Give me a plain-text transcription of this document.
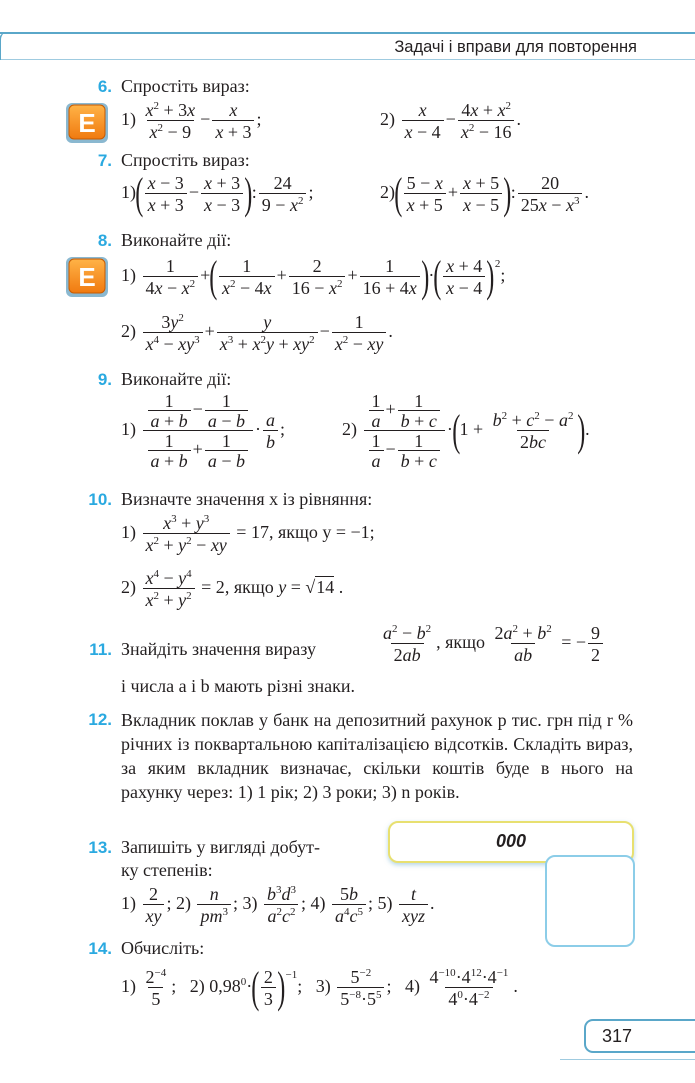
Задачі і вправи для повторення
6. Спростіть вираз:
Е $1) \frac{x^2 + 3x}{x^2 - 9} - \frac{x}{x + 3}$ ;	$2) \frac{x}{x - 4} - \frac{4x + x^2}{x^2 - 16}$ .
7. Спростіть вираз:
$1)( \frac{x - 3}{x + 3} - \frac{x + 3}{x - 3}$ ): $\frac{24}{9 - x^2}$ ;	$2)( \frac{5 - x}{x + 5} + \frac{x + 5}{x - 5}$ ): $\frac{20}{25x - x^3}$ .
8. Виконайте дії:
Е $1) \frac{1}{4x - x^2}$ +( $\frac{1}{x^2 - 4x} + \frac{2}{16 - x^2} + \frac{1}{16 + 4x}$ )·( $\frac{x + 4}{x - 4} )^2$;
$2) \frac{3y^2}{x^4 - xy^3} + \frac{y}{x^3 + x^2y + xy^2} - \frac{1}{x^2 - xy}$ .
9. Виконайте дії:
$1) \frac{\frac{1}{a + b} - \frac{1}{a - b}}{\frac{1}{a + b} + \frac{1}{a - b}} \cdot \frac{a}{b}$ ;	$2) \frac{\frac{1}{a} + \frac{1}{b + c}}{\frac{1}{a} - \frac{1}{b + c}} \cdot(1 + \frac{b^2 + c^2 - a^2}{2bc}$ ).
10. Визначте значення x із рівняння:
$1) \frac{x^3 + y^3}{x^2 + y^2 - xy} = 17$, якщо y = −1;
$2) \frac{x^4 - y^4}{x^2 + y^2} = 2$, якщо y = √14 .
11. Знайдіть значення виразу	$\frac{a^2 - b^2}{2ab}$ , якщо $\frac{2a^2 + b^2}{ab}$ = − $\frac{9}{2}$
і числа a і b мають різні знаки.
12. Вкладник поклав у банк на депозитний рахунок р тис. грн під r % річних із поквартальною капіталізацією відсотків. Складіть вираз, за яким вкладник визначає, скільки коштів буде в нього на рахунку через: 1) 1 рік; 2) 3 роки; 3) n років.
13. Запишіть у вигляді добут-
ку степенів:
000
$1) \frac{2}{xy}$ ; $2) \frac{n}{pm^3}$ ; $3) \frac{b^3d^3}{a^2c^2}$ ; $4) \frac{5b}{a^4c^5}$ ; 5) t
xyz
.
14. Обчисліть:
$1) \frac{2^{-4}}{5}$ ;   2) $0,98^0\cdot( \frac{2}{3} )^{-1}$;   $3) \frac{5^{-2}}{5^{-8}\cdot 5^5}$ ;   $4) \frac{4^{-10}\cdot 4^{12}\cdot 4^{-1}}{4^0\cdot 4^{-2}}$ .
317
